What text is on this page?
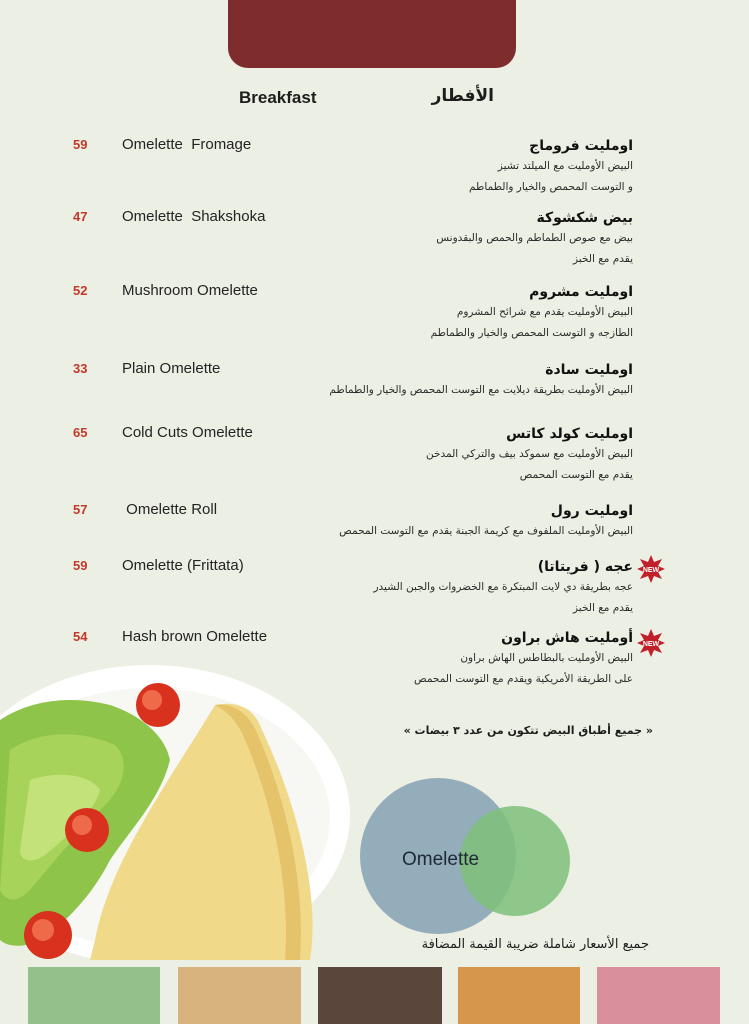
Breakfast	الأفطار
59	Omelette  Fromage	اومليت فروماج
البيض الأومليت مع الميلتد تشيز
و التوست المحمص والخيار والطماطم
47	Omelette  Shakshoka	بيض شكشوكة
بيض مع صوص الطماطم والحمص والبقدونس
يقدم مع الخبز
52	Mushroom Omelette	اومليت مشروم
البيض الأومليت يقدم مع شرائح المشروم
الطازجه و التوست المحمص والخيار والطماطم
33	Plain Omelette	اومليت سادة
البيض الأومليت بطريقة ديلايت مع التوست المحمص والخيار والطماطم
65	Cold Cuts Omelette	اومليت كولد كاتس
البيض الأومليت مع سموكد بيف والتركي المدخن
يقدم مع التوست المحمص
57	Omelette Roll	اومليت رول
البيض الأومليت الملفوف مع كريمة الجبنة يقدم مع التوست المحمص
59	Omelette (Frittata)	عجه ( فريتاتا)
عجه بطريقة دي لايت المبتكرة مع الخضروات والجبن الشيدر
يقدم مع الخبز
NEW
54	Hash brown Omelette	أومليت هاش براون
البيض الأومليت بالبطاطس الهاش براون
على الطريقة الأمريكية ويقدم مع التوست المحمص
NEW
« جميع أطباق البيض تتكون من عدد ٣ بيضات »
Omelette
جميع الأسعار شاملة ضريبة القيمة المضافة
